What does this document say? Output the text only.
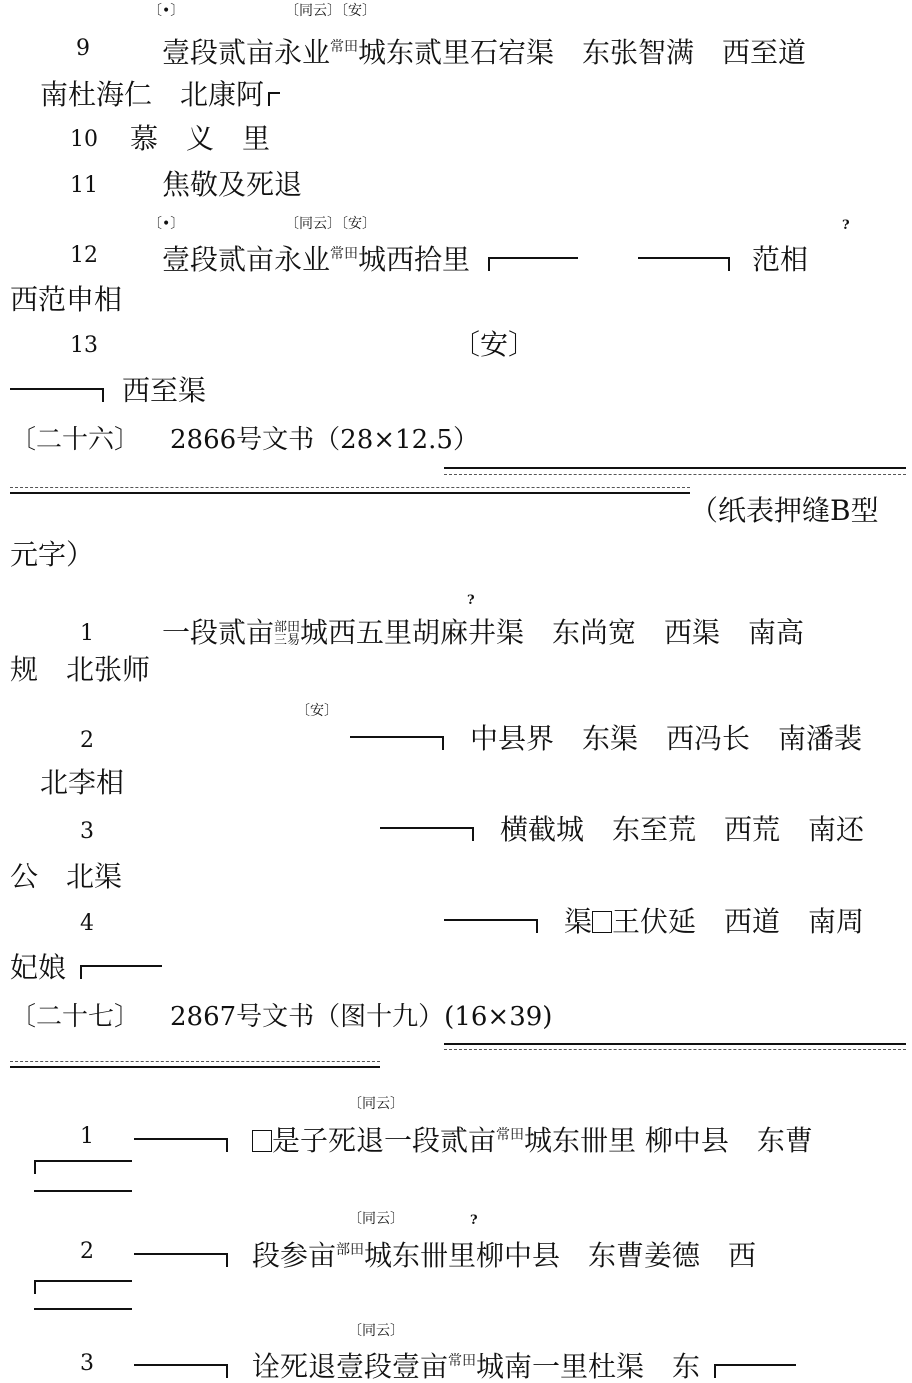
〔•〕	〔同云〕〔安〕
9	壹段贰亩永业$^{常田}$城东贰里石宕渠　东张智满　西至道
南杜海仁　北康阿
10 慕　义　里
11 焦敬及死退
〔•〕	〔同云〕〔安〕	?
12 壹段贰亩永业$^{常田}$城西拾里	范相
西范申相
13	〔安〕
西至渠
〔二十六〕 2866号文书（28×12.5）
（纸表押缝B型
元字）
?
1 一段贰亩部田
三易城西五里胡麻井渠　东尚宽　西渠　南高
规　北张师
〔安〕
2	中县界　东渠　西冯长　南潘裴
北李相
3	横截城　东至荒　西荒　南还
公　北渠
4	渠 王伏延　西道　南周
妃娘
〔二十七〕 2867号文书（图十九）(16×39)
〔同云〕
1	是子死退一段贰亩$^{常田}$城东卌里 柳中县　东曹
〔同云〕	?
2	段参亩$^{部田}$城东卌里柳中县　东曹姜德　西
〔同云〕
3	诠死退壹段壹亩$^{常田}$城南一里杜渠　东
